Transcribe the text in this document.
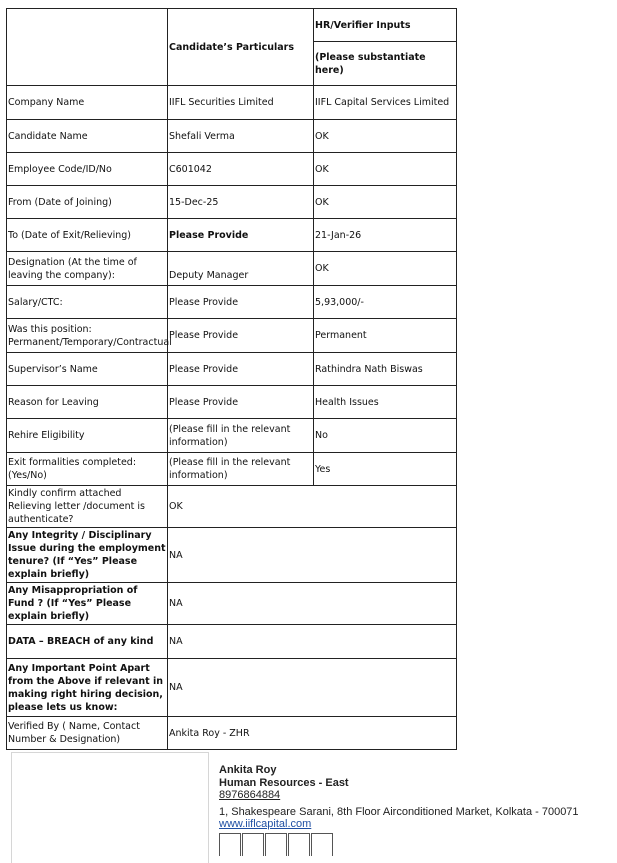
	Candidate’s Particulars	HR/Verifier Inputs
		(Please substantiate here)
Company Name	IIFL Securities Limited	IIFL Capital Services Limited
Candidate Name	Shefali Verma	OK
Employee Code/ID/No	C601042	OK
From (Date of Joining)	15-Dec-25	OK
To (Date of Exit/Relieving)	Please Provide	21-Jan-26
Designation (At the time of leaving the company):	Deputy Manager	OK
Salary/CTC:	Please Provide	5,93,000/-
Was this position: Permanent/Temporary/Contractual	Please Provide	Permanent
Supervisor’s Name	Please Provide	Rathindra Nath Biswas
Reason for Leaving	Please Provide	Health Issues
Rehire Eligibility	(Please fill in the relevant information)	No
Exit formalities completed: (Yes/No)	(Please fill in the relevant information)	Yes
Kindly confirm attached Relieving letter /document is authenticate?	OK	
Any Integrity / Disciplinary Issue during the employment tenure? (If “Yes” Please explain briefly)	NA	
Any Misappropriation of Fund ? (If “Yes” Please explain briefly)	NA	
DATA – BREACH of any kind	NA	
Any Important Point Apart from the Above if relevant in making right hiring decision, please lets us know:	NA	
Verified By ( Name, Contact Number & Designation)	Ankita Roy - ZHR	
Ankita Roy
Human Resources - East
8976864884
1, Shakespeare Sarani, 8th Floor Airconditioned Market, Kolkata - 700071
www.iiflcapital.com
